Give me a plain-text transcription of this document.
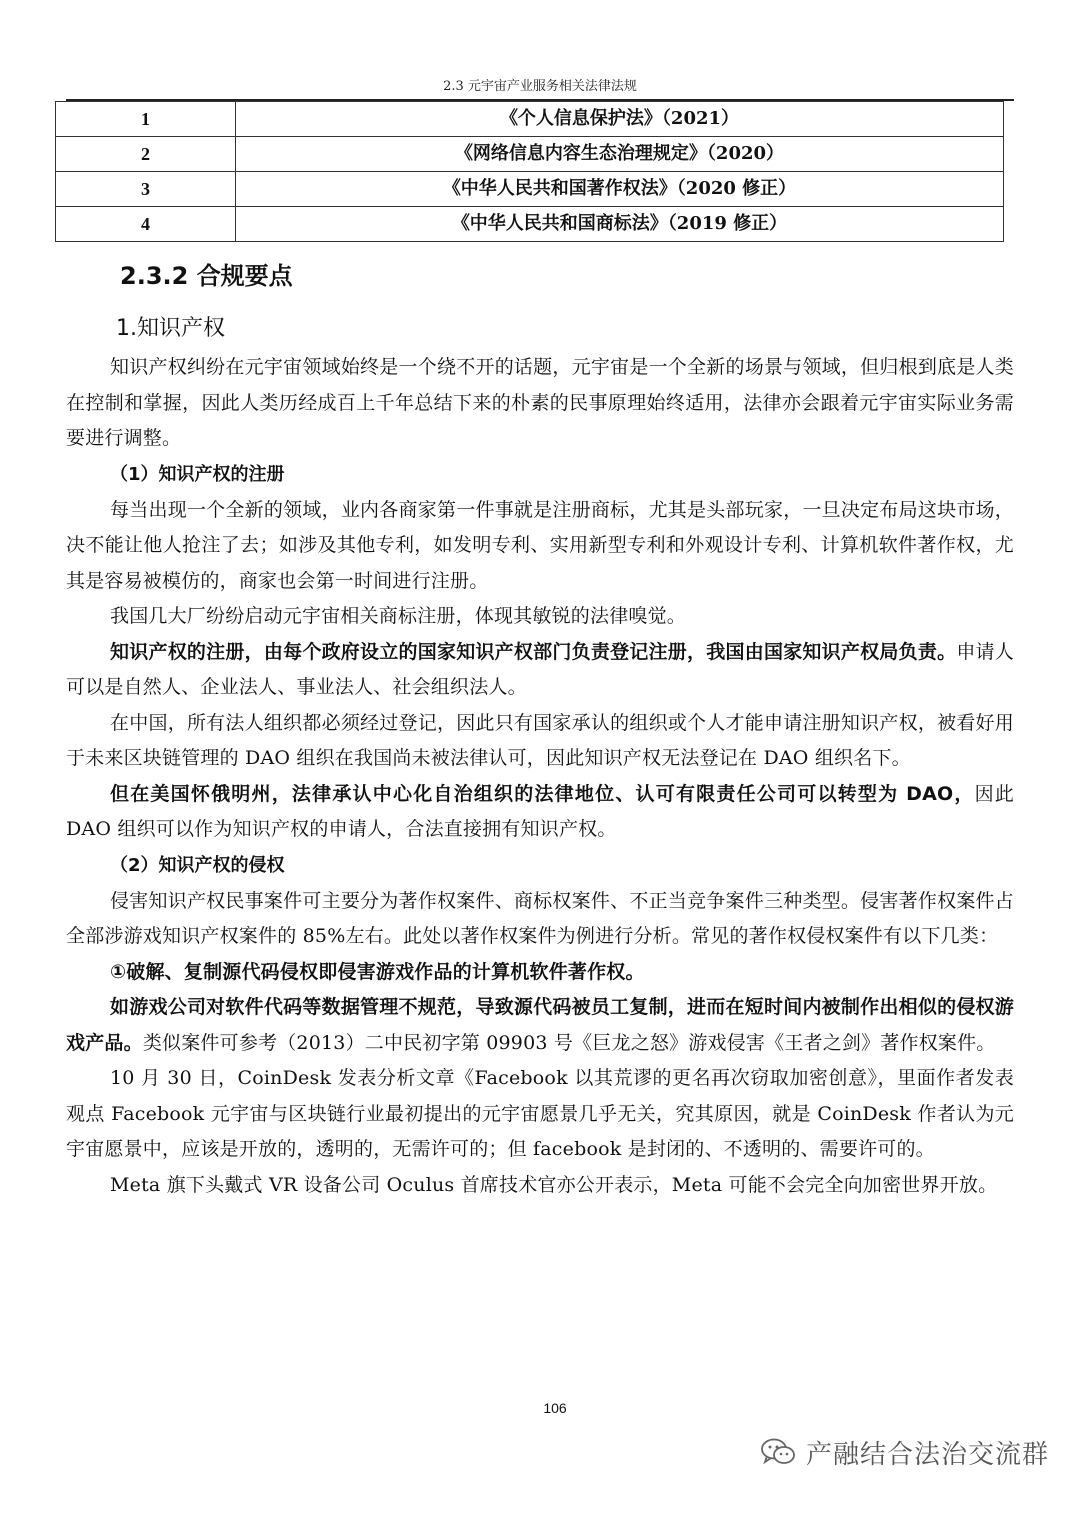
2.3 元宇宙产业服务相关法律法规
1	《个人信息保护法》（2021）
2	《网络信息内容生态治理规定》（2020）
3	《中华人民共和国著作权法》（2020 修正）
4	《中华人民共和国商标法》（2019 修正）
2.3.2 合规要点
1.知识产权

知识产权纠纷在元宇宙领域始终是一个绕不开的话题，元宇宙是一个全新的场景与领域，但归根到底是人类在控制和掌握，因此人类历经成百上千年总结下来的朴素的民事原理始终适用，法律亦会跟着元宇宙实际业务需要进行调整。

（1）知识产权的注册

每当出现一个全新的领域，业内各商家第一件事就是注册商标，尤其是头部玩家，一旦决定布局这块市场，决不能让他人抢注了去；如涉及其他专利，如发明专利、实用新型专利和外观设计专利、计算机软件著作权，尤其是容易被模仿的，商家也会第一时间进行注册。

我国几大厂纷纷启动元宇宙相关商标注册，体现其敏锐的法律嗅觉。

知识产权的注册，由每个政府设立的国家知识产权部门负责登记注册，我国由国家知识产权局负责。申请人可以是自然人、企业法人、事业法人、社会组织法人。

在中国，所有法人组织都必须经过登记，因此只有国家承认的组织或个人才能申请注册知识产权，被看好用于未来区块链管理的 DAO 组织在我国尚未被法律认可，因此知识产权无法登记在 DAO 组织名下。

但在美国怀俄明州，法律承认中心化自治组织的法律地位、认可有限责任公司可以转型为 DAO，因此 DAO 组织可以作为知识产权的申请人，合法直接拥有知识产权。

（2）知识产权的侵权

侵害知识产权民事案件可主要分为著作权案件、商标权案件、不正当竞争案件三种类型。侵害著作权案件占全部涉游戏知识产权案件的 85%左右。此处以著作权案件为例进行分析。常见的著作权侵权案件有以下几类：

①破解、复制源代码侵权即侵害游戏作品的计算机软件著作权。

如游戏公司对软件代码等数据管理不规范，导致源代码被员工复制，进而在短时间内被制作出相似的侵权游戏产品。类似案件可参考（2013）二中民初字第 09903 号《巨龙之怒》游戏侵害《王者之剑》著作权案件。

10 月 30 日，CoinDesk 发表分析文章《Facebook 以其荒谬的更名再次窃取加密创意》，里面作者发表观点 Facebook 元宇宙与区块链行业最初提出的元宇宙愿景几乎无关，究其原因，就是 CoinDesk 作者认为元宇宙愿景中，应该是开放的，透明的，无需许可的；但 facebook 是封闭的、不透明的、需要许可的。

Meta 旗下头戴式 VR 设备公司 Oculus 首席技术官亦公开表示，Meta 可能不会完全向加密世界开放。

106
产融结合法治交流群
